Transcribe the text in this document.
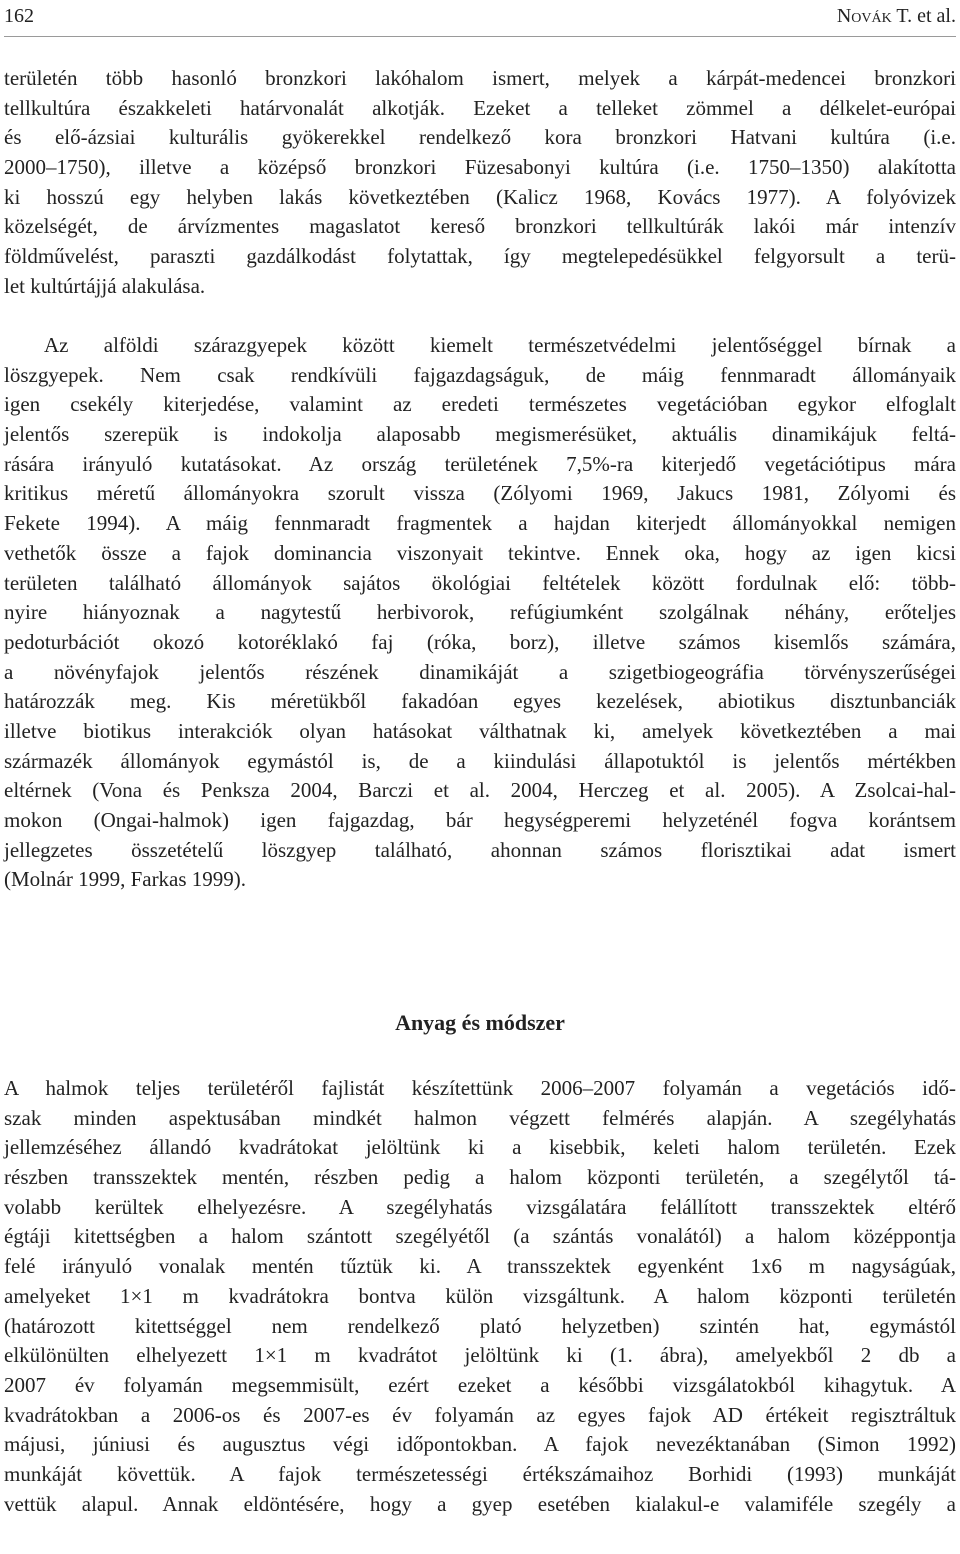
162	Novák T. et al.
területén több hasonló bronzkori lakóhalom ismert, melyek a kárpát-medencei bronzkori
tellkultúra északkeleti határvonalát alkotják. Ezeket a telleket zömmel a délkelet-európai
és elő-ázsiai kulturális gyökerekkel rendelkező kora bronzkori Hatvani kultúra (i.e.
2000–1750), illetve a középső bronzkori Füzesabonyi kultúra (i.e. 1750–1350) alakította
ki hosszú egy helyben lakás következtében (Kalicz 1968, Kovács 1977). A folyóvizek
közelségét, de árvízmentes magaslatot kereső bronzkori tellkultúrák lakói már intenzív
földművelést, paraszti gazdálkodást folytattak, így megtelepedésükkel felgyorsult a terü-
let kultúrtájjá alakulása.
Az alföldi szárazgyepek között kiemelt természetvédelmi jelentőséggel bírnak a
löszgyepek. Nem csak rendkívüli fajgazdagságuk, de máig fennmaradt állományaik
igen csekély kiterjedése, valamint az eredeti természetes vegetációban egykor elfoglalt
jelentős szerepük is indokolja alaposabb megismerésüket, aktuális dinamikájuk feltá-
rására irányuló kutatásokat. Az ország területének 7,5%-ra kiterjedő vegetációtipus mára
kritikus méretű állományokra szorult vissza (Zólyomi 1969, Jakucs 1981, Zólyomi és
Fekete 1994). A máig fennmaradt fragmentek a hajdan kiterjedt állományokkal nemigen
vethetők össze a fajok dominancia viszonyait tekintve. Ennek oka, hogy az igen kicsi
területen található állományok sajátos ökológiai feltételek között fordulnak elő: több-
nyire hiányoznak a nagytestű herbivorok, refúgiumként szolgálnak néhány, erőteljes
pedoturbációt okozó kotoréklakó faj (róka, borz), illetve számos kisemlős számára,
a növényfajok jelentős részének dinamikáját a szigetbiogeográfia törvényszerűségei
határozzák meg. Kis méretükből fakadóan egyes kezelések, abiotikus disztunbanciák
illetve biotikus interakciók olyan hatásokat válthatnak ki, amelyek következtében a mai
származék állományok egymástól is, de a kiindulási állapotuktól is jelentős mértékben
eltérnek (Vona és Penksza 2004, Barczi et al. 2004, Herczeg et al. 2005). A Zsolcai-hal-
mokon (Ongai-halmok) igen fajgazdag, bár hegységperemi helyzeténél fogva korántsem
jellegzetes összetételű löszgyep található, ahonnan számos florisztikai adat ismert
(Molnár 1999, Farkas 1999).
Anyag és módszer
A halmok teljes területéről fajlistát készítettünk 2006–2007 folyamán a vegetációs idő-
szak minden aspektusában mindkét halmon végzett felmérés alapján. A szegélyhatás
jellemzéséhez állandó kvadrátokat jelöltünk ki a kisebbik, keleti halom területén. Ezek
részben transszektek mentén, részben pedig a halom központi területén, a szegélytől tá-
volabb kerültek elhelyezésre. A szegélyhatás vizsgálatára felállított transszektek eltérő
égtáji kitettségben a halom szántott szegélyétől (a szántás vonalától) a halom középpontja
felé irányuló vonalak mentén tűztük ki. A transszektek egyenként 1x6 m nagyságúak,
amelyeket 1×1 m kvadrátokra bontva külön vizsgáltunk. A halom központi területén
(határozott kitettséggel nem rendelkező plató helyzetben) szintén hat, egymástól
elkülönülten elhelyezett 1×1 m kvadrátot jelöltünk ki (1. ábra), amelyekből 2 db a
2007 év folyamán megsemmisült, ezért ezeket a későbbi vizsgálatokból kihagytuk. A
kvadrátokban a 2006-os és 2007-es év folyamán az egyes fajok AD értékeit regisztráltuk
májusi, júniusi és augusztus végi időpontokban. A fajok nevezéktanában (Simon 1992)
munkáját követtük. A fajok természetességi értékszámaihoz Borhidi (1993) munkáját
vettük alapul. Annak eldöntésére, hogy a gyep esetében kialakul-e valamiféle szegély a
